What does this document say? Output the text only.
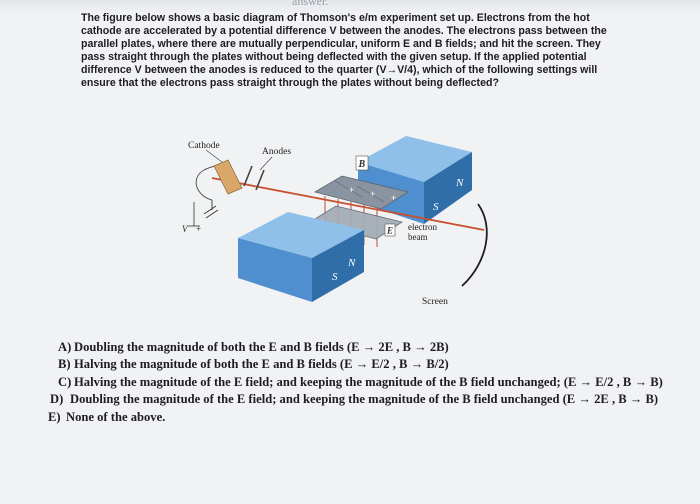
answer.

The figure below shows a basic diagram of Thomson's e/m experiment set up. Electrons from the hot cathode are accelerated by a potential difference V between the anodes. The electrons pass between the parallel plates, where there are mutually perpendicular, uniform E and B fields; and hit the screen. They pass straight through the plates without being deflected with the given setup. If the applied potential difference V between the anodes is reduced to the quarter (V→V/4), which of the following settings will ensure that the electrons pass straight through the plates without being deflected?

S
N
+ + +
B
E
S
N
Cathode
V +
Anodes
Screen
electron
beam

A) Doubling the magnitude of both the E and B fields (E → 2E , B → 2B)

B) Halving the magnitude of both the E and B fields (E → E/2 , B → B/2)

C) Halving the magnitude of the E field; and keeping the magnitude of the B field unchanged; (E → E/2 , B → B)

D) Doubling the magnitude of the E field; and keeping the magnitude of the B field unchanged (E → 2E , B → B)

E) None of the above.
